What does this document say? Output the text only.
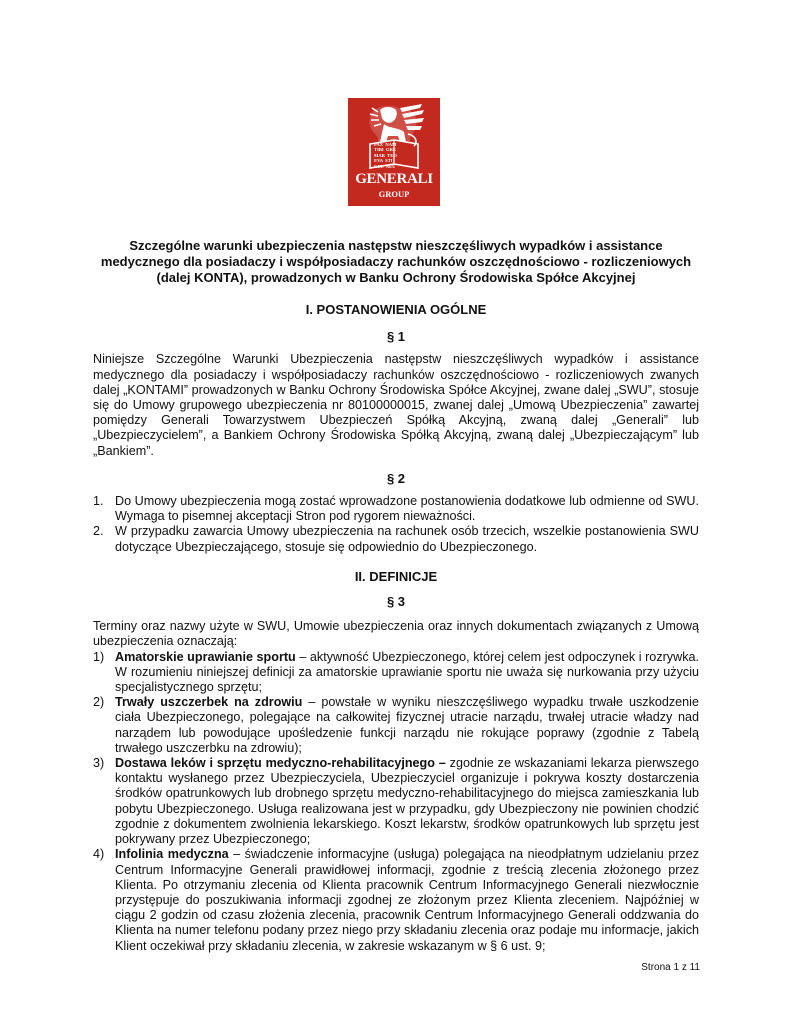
PAX  NAM
TIBI  GRE
MAR  TEO
EVA  STI
GEL  NEU
GENERALI
GROUP
Szczególne warunki ubezpieczenia następstw nieszczęśliwych wypadków i assistance
medycznego dla posiadaczy i współposiadaczy rachunków oszczędnościowo - rozliczeniowych
(dalej KONTA), prowadzonych w Banku Ochrony Środowiska Spółce Akcyjnej
I. POSTANOWIENIA OGÓLNE
§ 1

Niniejsze Szczególne Warunki Ubezpieczenia następstw nieszczęśliwych wypadków i assistance medycznego dla posiadaczy i współposiadaczy rachunków oszczędnościowo - rozliczeniowych zwanych dalej „KONTAMI” prowadzonych w Banku Ochrony Środowiska Spółce Akcyjnej, zwane dalej „SWU”, stosuje się do Umowy grupowego ubezpieczenia nr 80100000015, zwanej dalej „Umową Ubezpieczenia” zawartej pomiędzy Generali Towarzystwem Ubezpieczeń Spółką Akcyjną, zwaną dalej „Generali” lub „Ubezpieczycielem”, a Bankiem Ochrony Środowiska Spółką Akcyjną, zwaną dalej „Ubezpieczającym” lub „Bankiem”.

§ 2
1. Do Umowy ubezpieczenia mogą zostać wprowadzone postanowienia dodatkowe lub odmienne od SWU. Wymaga to pisemnej akceptacji Stron pod rygorem nieważności.
2. W przypadku zawarcia Umowy ubezpieczenia na rachunek osób trzecich, wszelkie postanowienia SWU dotyczące Ubezpieczającego, stosuje się odpowiednio do Ubezpieczonego.
II. DEFINICJE
§ 3

Terminy oraz nazwy użyte w SWU, Umowie ubezpieczenia oraz innych dokumentach związanych z Umową ubezpieczenia oznaczają:

1) Amatorskie uprawianie sportu – aktywność Ubezpieczonego, której celem jest odpoczynek i rozrywka. W rozumieniu niniejszej definicji za amatorskie uprawianie sportu nie uważa się nurkowania przy użyciu specjalistycznego sprzętu;
2) Trwały uszczerbek na zdrowiu – powstałe w wyniku nieszczęśliwego wypadku trwałe uszkodzenie ciała Ubezpieczonego, polegające na całkowitej fizycznej utracie narządu, trwałej utracie władzy nad narządem lub powodujące upośledzenie funkcji narządu nie rokujące poprawy (zgodnie z Tabelą trwałego uszczerbku na zdrowiu);
3) Dostawa leków i sprzętu medyczno-rehabilitacyjnego – zgodnie ze wskazaniami lekarza pierwszego kontaktu wysłanego przez Ubezpieczyciela, Ubezpieczyciel organizuje i pokrywa koszty dostarczenia środków opatrunkowych lub drobnego sprzętu medyczno-rehabilitacyjnego do miejsca zamieszkania lub pobytu Ubezpieczonego. Usługa realizowana jest w przypadku, gdy Ubezpieczony nie powinien chodzić zgodnie z dokumentem zwolnienia lekarskiego. Koszt lekarstw, środków opatrunkowych lub sprzętu jest pokrywany przez Ubezpieczonego;
4) Infolinia medyczna – świadczenie informacyjne (usługa) polegająca na nieodpłatnym udzielaniu przez Centrum Informacyjne Generali prawidłowej informacji, zgodnie z treścią zlecenia złożonego przez Klienta. Po otrzymaniu zlecenia od Klienta pracownik Centrum Informacyjnego Generali niezwłocznie przystępuje do poszukiwania informacji zgodnej ze złożonym przez Klienta zleceniem. Najpóźniej w ciągu 2 godzin od czasu złożenia zlecenia, pracownik Centrum Informacyjnego Generali oddzwania do Klienta na numer telefonu podany przez niego przy składaniu zlecenia oraz podaje mu informacje, jakich Klient oczekiwał przy składaniu zlecenia, w zakresie wskazanym w § 6 ust. 9;
Strona 1 z 11
